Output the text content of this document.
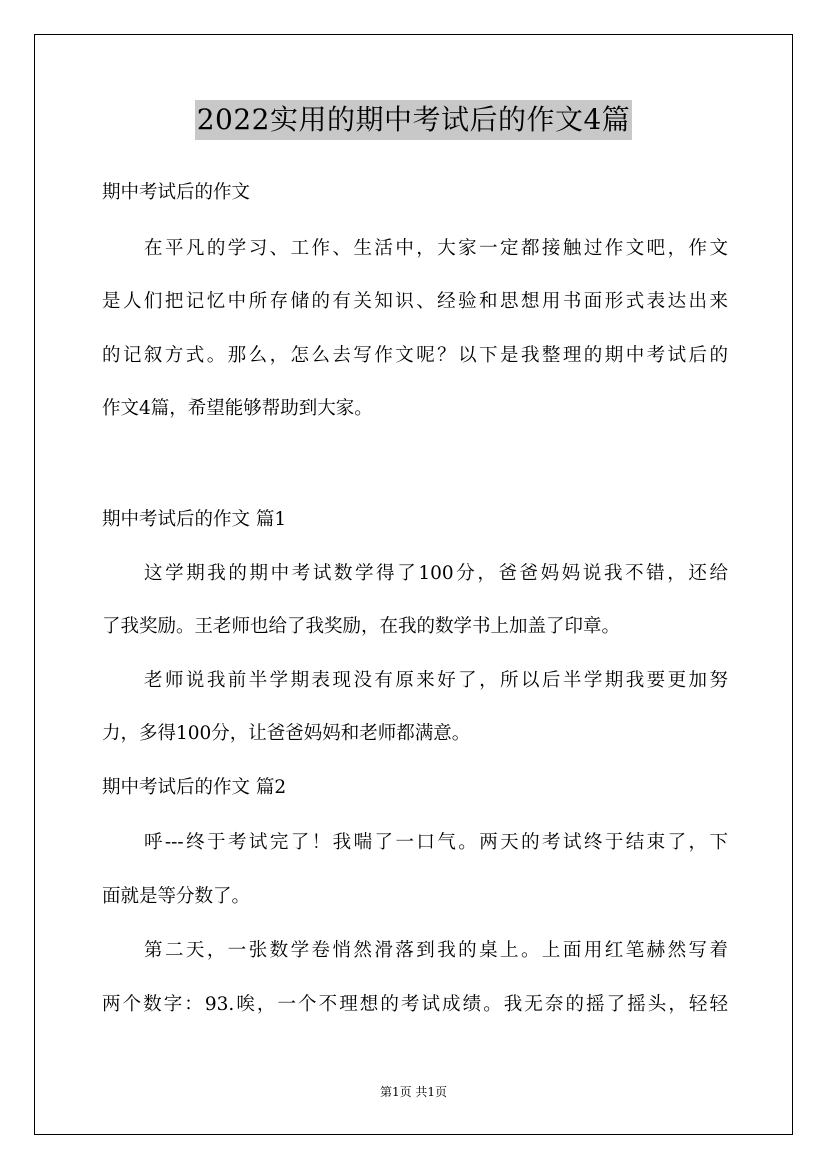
2022实用的期中考试后的作文4篇
期中考试后的作文
在平凡的学习、工作、生活中，大家一定都接触过作文吧，作文
是人们把记忆中所存储的有关知识、经验和思想用书面形式表达出来
的记叙方式。那么，怎么去写作文呢？以下是我整理的期中考试后的
作文4篇，希望能够帮助到大家。
期中考试后的作文 篇1
这学期我的期中考试数学得了100分，爸爸妈妈说我不错，还给
了我奖励。王老师也给了我奖励，在我的数学书上加盖了印章。
老师说我前半学期表现没有原来好了，所以后半学期我要更加努
力，多得100分，让爸爸妈妈和老师都满意。
期中考试后的作文 篇2
呼---终于考试完了！我喘了一口气。两天的考试终于结束了，下
面就是等分数了。
第二天，一张数学卷悄然滑落到我的桌上。上面用红笔赫然写着
两个数字：93.唉，一个不理想的考试成绩。我无奈的摇了摇头，轻轻
第1页 共1页
